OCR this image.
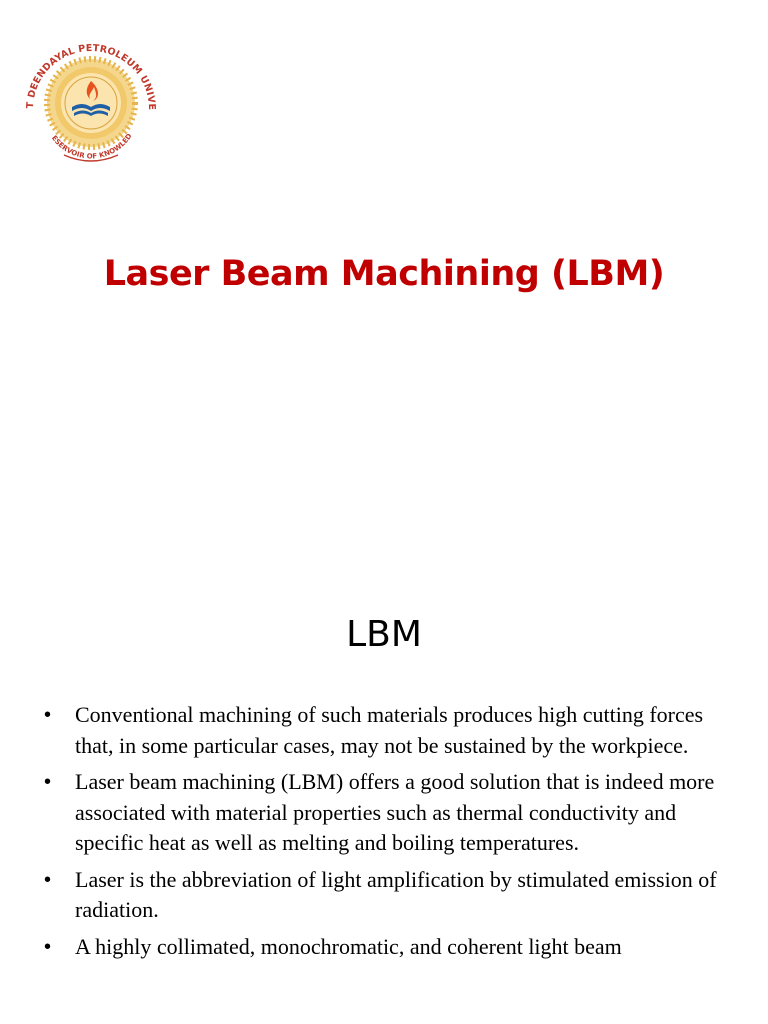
T DEENDAYAL PETROLEUM UNIVE
ESERVOIR OF KNOWLED
Laser Beam Machining (LBM)
LBM
• Conventional machining of such materials produces high cutting forces that, in some particular cases, may not be sustained by the workpiece.
• Laser beam machining (LBM) offers a good solution that is indeed more associated with material properties such as thermal conductivity and specific heat as well as melting and boiling temperatures.
• Laser is the abbreviation of light amplification by stimulated emission of radiation.
• A highly collimated, monochromatic, and coherent light beam
